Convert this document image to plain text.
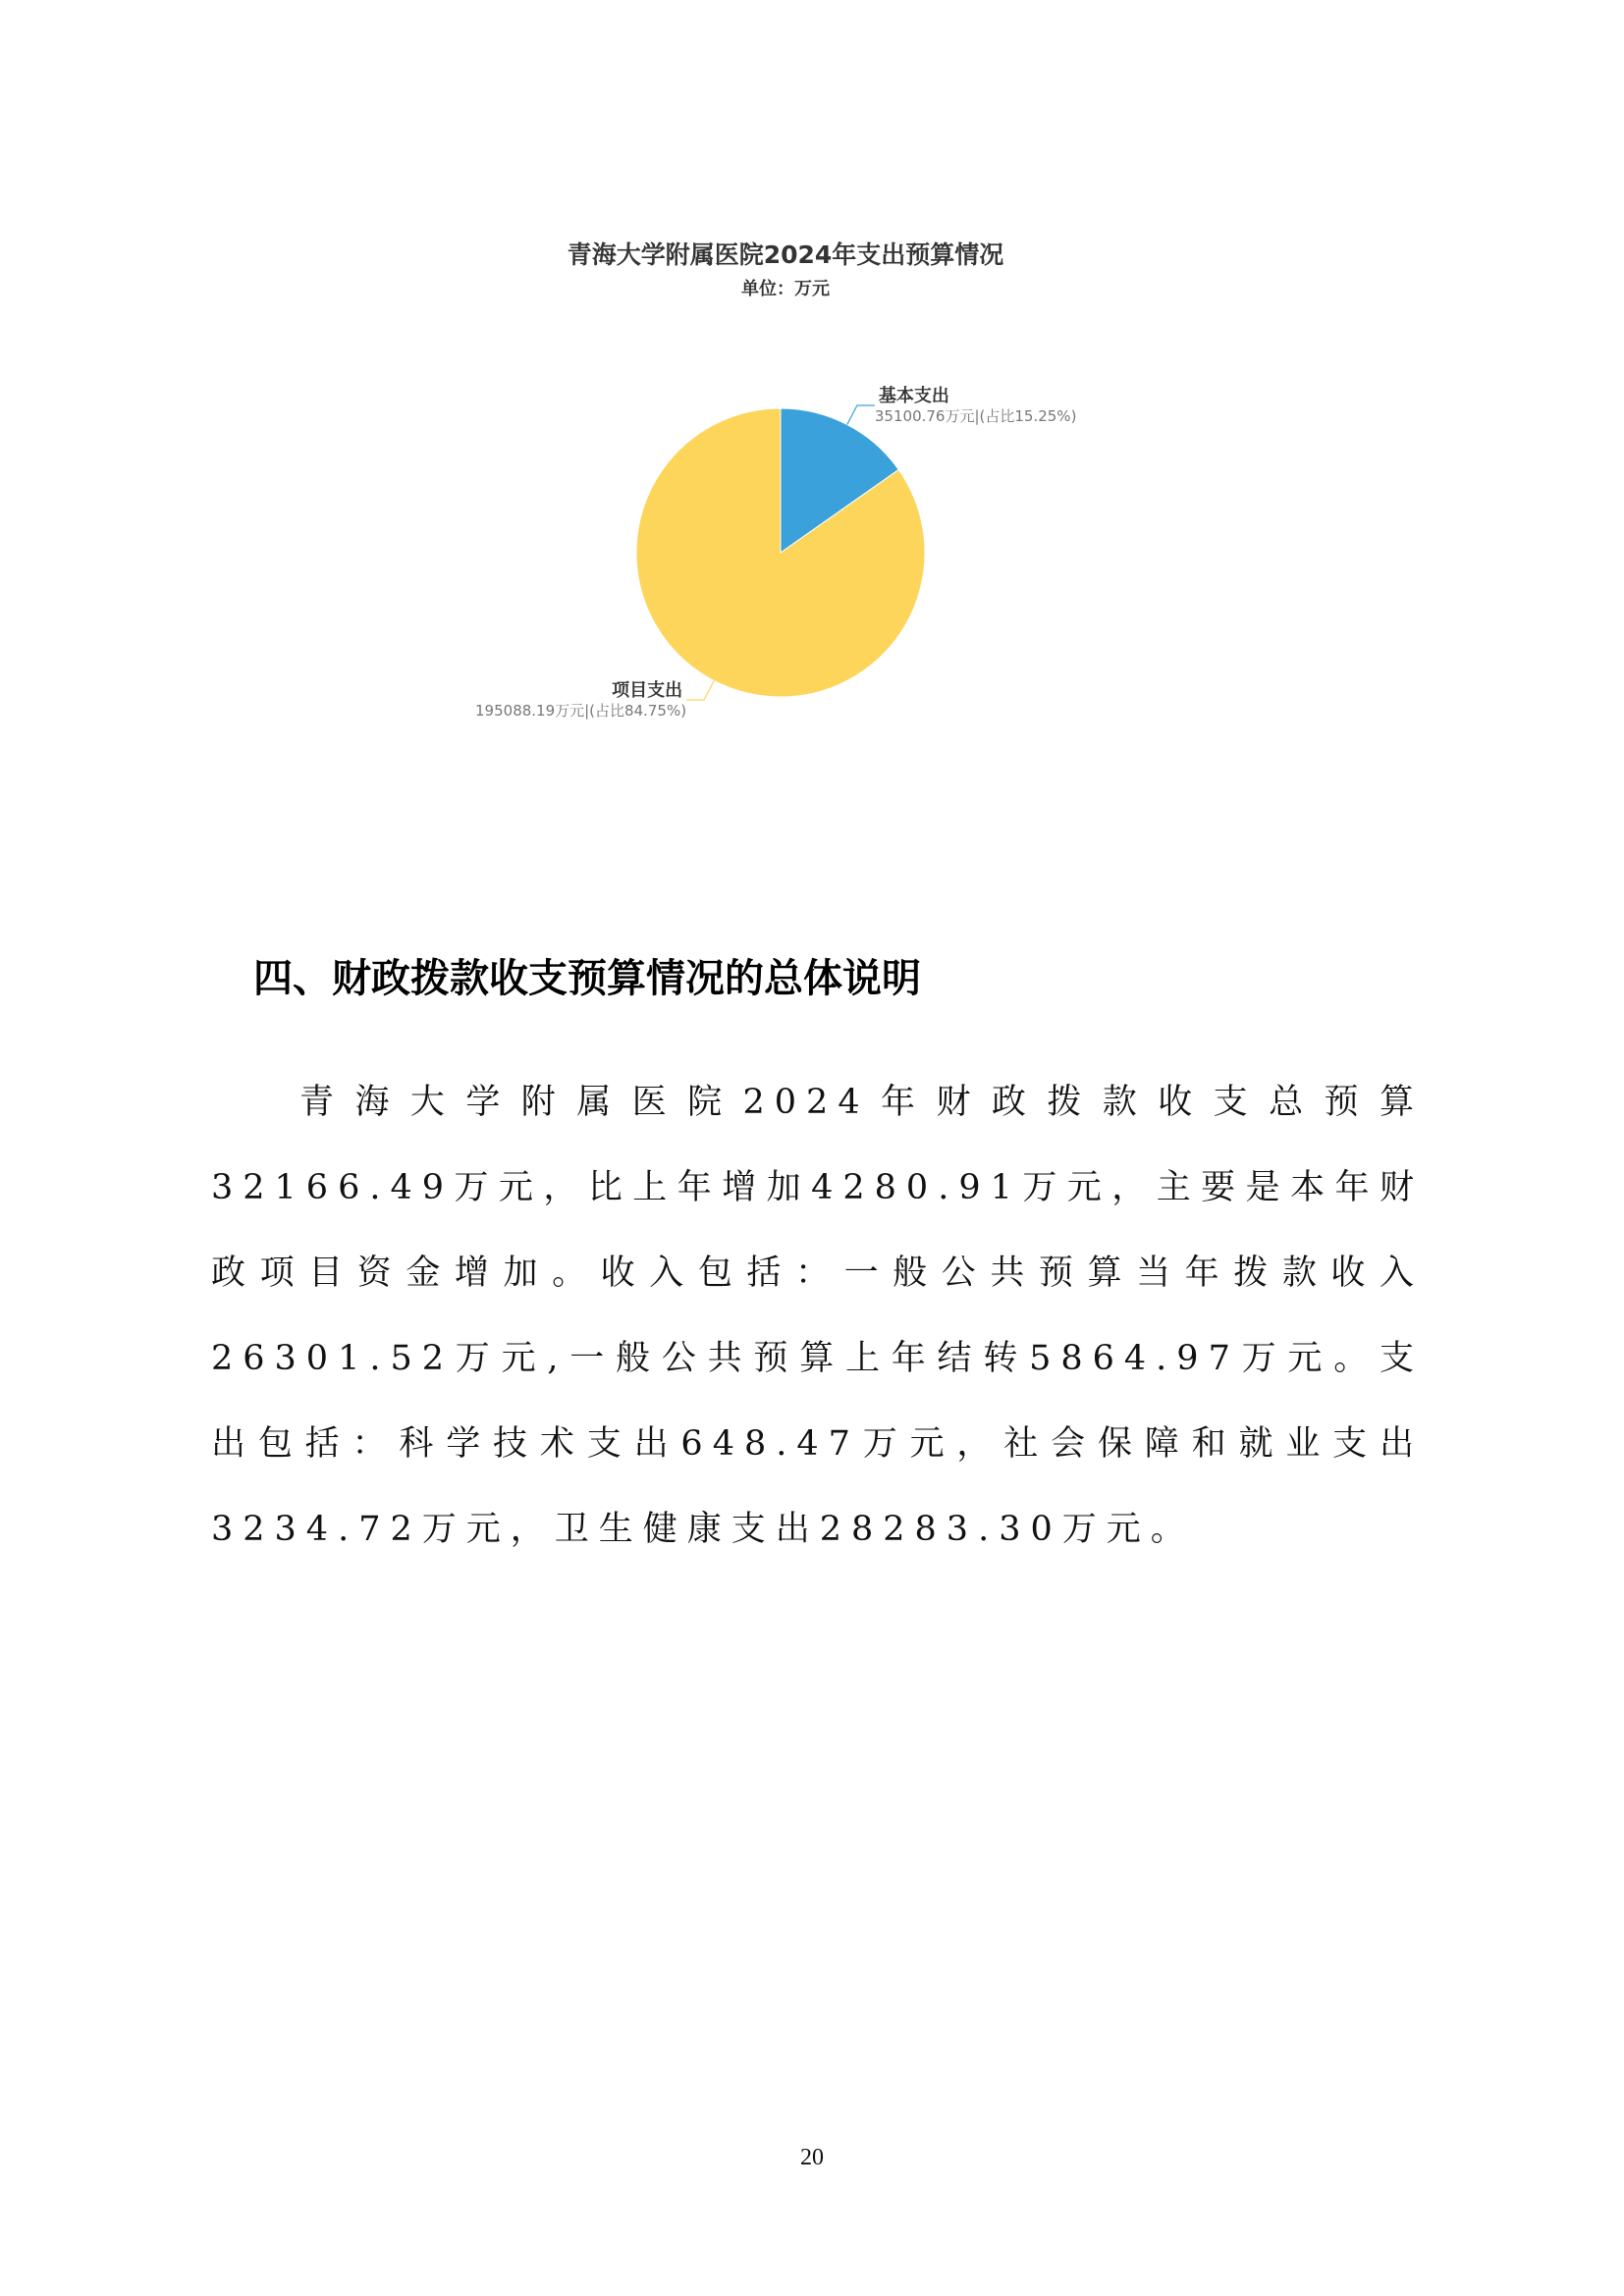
青海大学附属医院2024年支出预算情况
单位：万元
基本支出
35100.76万元|(占比15.25%)
项目支出
195088.19万元|(占比84.75%)
四、财政拨款收支预算情况的总体说明

青海大学附属医院2024年财政拨款收支总预算32166.49万元，比上年增加4280.91万元，主要是本年财政项目资金增加。收入包括：一般公共预算当年拨款收入26301.52万元,一般公共预算上年结转5864.97万元。支出包括：科学技术支出648.47万元，社会保障和就业支出3234.72万元，卫生健康支出28283.30万元。

20
